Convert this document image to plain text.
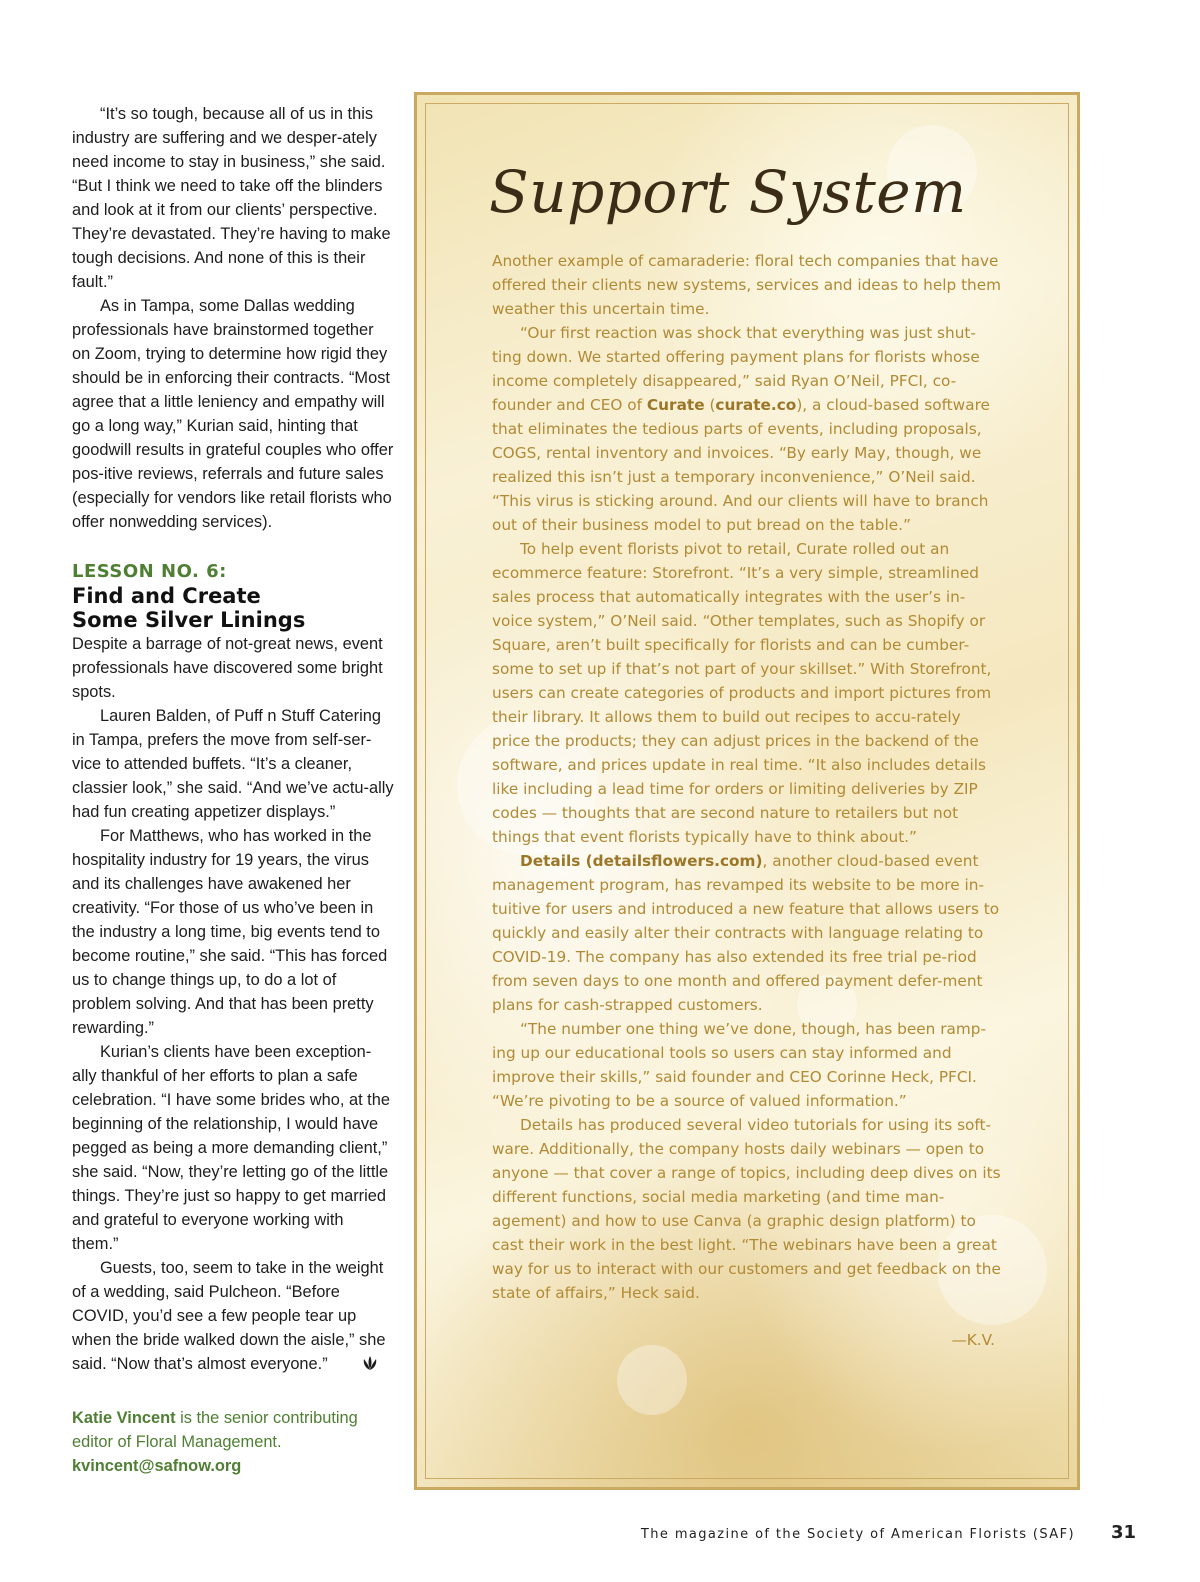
“It’s so tough, because all of us in this industry are suffering and we desper-ately need income to stay in business,” she said. “But I think we need to take off the blinders and look at it from our clients’ perspective. They’re devastated. They’re having to make tough decisions. And none of this is their fault.”

As in Tampa, some Dallas wedding professionals have brainstormed together on Zoom, trying to determine how rigid they should be in enforcing their contracts. “Most agree that a little leniency and empathy will go a long way,” Kurian said, hinting that goodwill results in grateful couples who offer pos-itive reviews, referrals and future sales (especially for vendors like retail florists who offer nonwedding services).

LESSON NO. 6:
Find and Create
Some Silver Linings

Despite a barrage of not-great news, event professionals have discovered some bright spots.

Lauren Balden, of Puff n Stuff Catering in Tampa, prefers the move from self-ser-vice to attended buffets. “It’s a cleaner, classier look,” she said. “And we’ve actu-ally had fun creating appetizer displays.”

For Matthews, who has worked in the hospitality industry for 19 years, the virus and its challenges have awakened her creativity. “For those of us who’ve been in the industry a long time, big events tend to become routine,” she said. “This has forced us to change things up, to do a lot of problem solving. And that has been pretty rewarding.”

Kurian’s clients have been exception-ally thankful of her efforts to plan a safe celebration. “I have some brides who, at the beginning of the relationship, I would have pegged as being a more demanding client,” she said. “Now, they’re letting go of the little things. They’re just so happy to get married and grateful to everyone working with them.”

Guests, too, seem to take in the weight of a wedding, said Pulcheon. “Before COVID, you’d see a few people tear up when the bride walked down the aisle,” she said. “Now that’s almost everyone.”

Katie Vincent is the senior contributing editor of Floral Management.
kvincent@safnow.org
Support System

Another example of camaraderie: floral tech companies that have offered their clients new systems, services and ideas to help them weather this uncertain time.

“Our first reaction was shock that everything was just shut-ting down. We started offering payment plans for florists whose income completely disappeared,” said Ryan O’Neil, PFCI, co-founder and CEO of Curate (curate.co), a cloud-based software that eliminates the tedious parts of events, including proposals, COGS, rental inventory and invoices. “By early May, though, we realized this isn’t just a temporary inconvenience,” O’Neil said. “This virus is sticking around. And our clients will have to branch out of their business model to put bread on the table.”

To help event florists pivot to retail, Curate rolled out an ecommerce feature: Storefront. “It’s a very simple, streamlined sales process that automatically integrates with the user’s in-voice system,” O’Neil said. “Other templates, such as Shopify or Square, aren’t built specifically for florists and can be cumber-some to set up if that’s not part of your skillset.” With Storefront, users can create categories of products and import pictures from their library. It allows them to build out recipes to accu-rately price the products; they can adjust prices in the backend of the software, and prices update in real time. “It also includes details like including a lead time for orders or limiting deliveries by ZIP codes — thoughts that are second nature to retailers but not things that event florists typically have to think about.”

Details (detailsflowers.com), another cloud-based event management program, has revamped its website to be more in-tuitive for users and introduced a new feature that allows users to quickly and easily alter their contracts with language relating to COVID-19. The company has also extended its free trial pe-riod from seven days to one month and offered payment defer-ment plans for cash-strapped customers.

“The number one thing we’ve done, though, has been ramp-ing up our educational tools so users can stay informed and improve their skills,” said founder and CEO Corinne Heck, PFCI. “We’re pivoting to be a source of valued information.”

Details has produced several video tutorials for using its soft-ware. Additionally, the company hosts daily webinars — open to anyone — that cover a range of topics, including deep dives on its different functions, social media marketing (and time man-agement) and how to use Canva (a graphic design platform) to cast their work in the best light. “The webinars have been a great way for us to interact with our customers and get feedback on the state of affairs,” Heck said.

—K.V.
The magazine of the Society of American Florists (SAF) 31
